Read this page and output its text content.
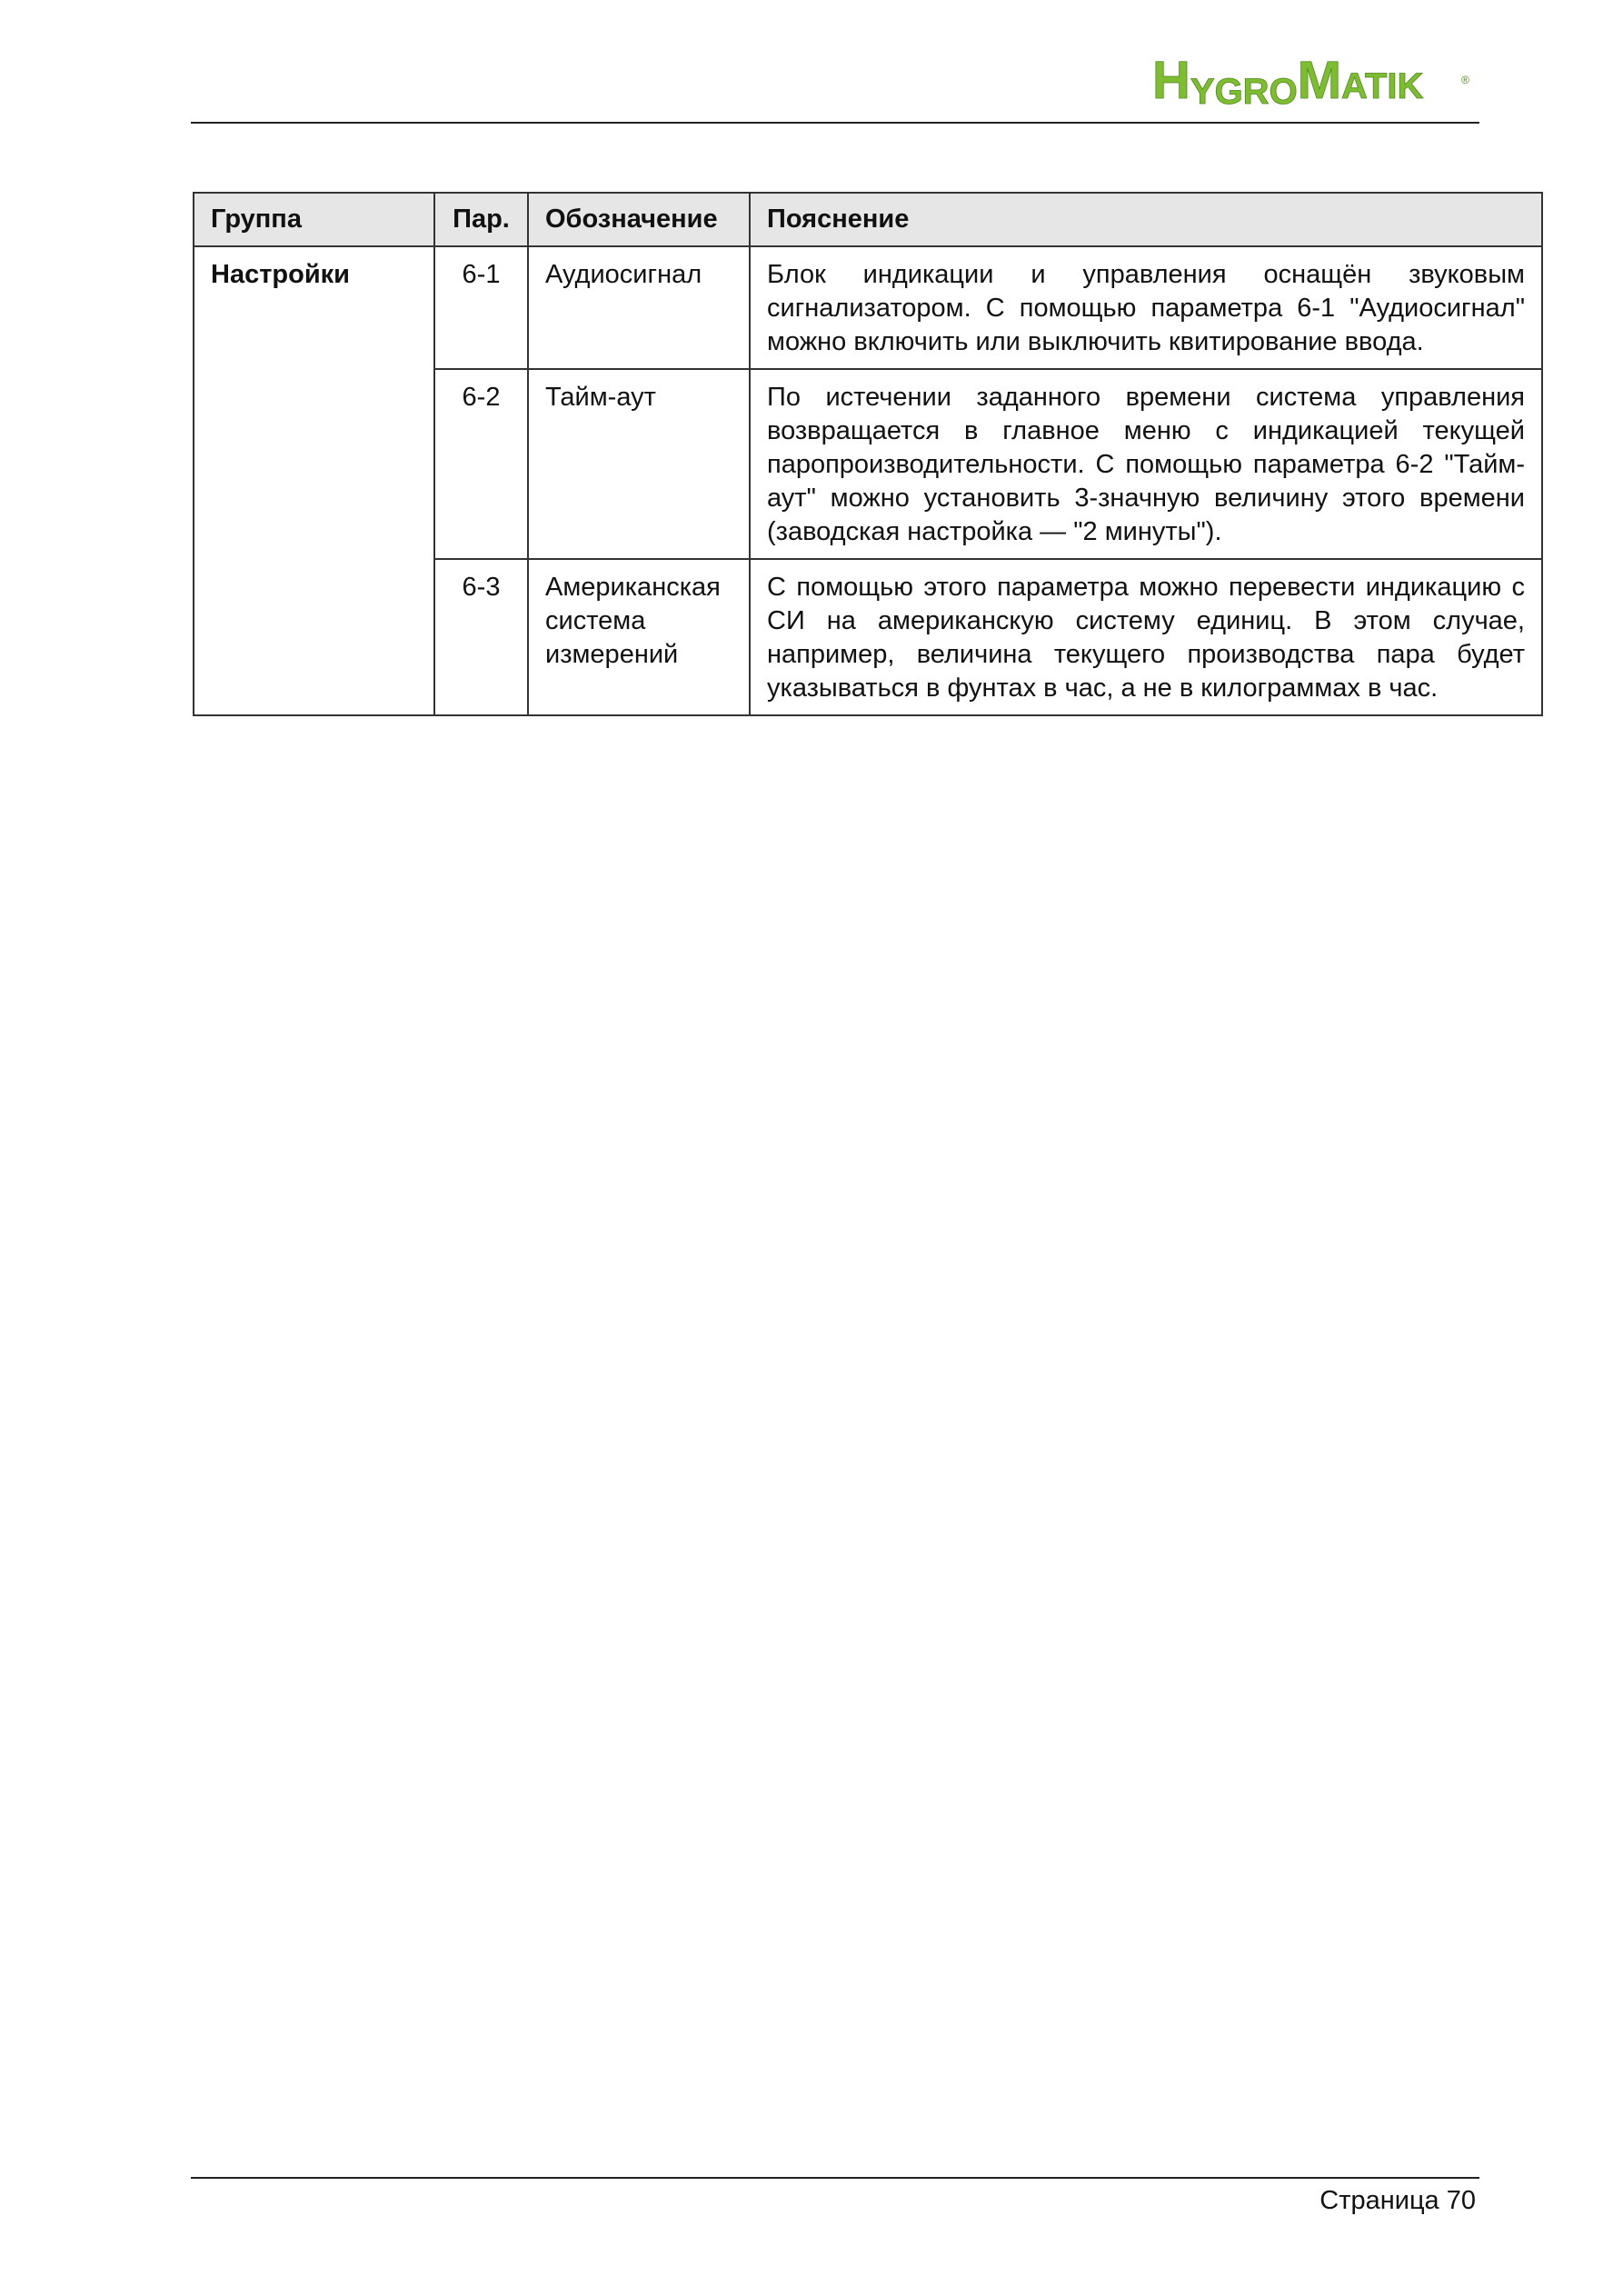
HYGROMATIK	®
Группа	Пар.	Обозначение	Пояснение
Настройки	6-1	Аудиосигнал	Блок индикации и управления оснащён звуковым сигнализатором. С помощью параметра 6-1 "Аудиосигнал" можно включить или выключить квитирование ввода.
	6-2	Тайм-аут	По истечении заданного времени система управления возвращается в главное меню с индикацией текущей паропроизводительности. С помощью параметра 6-2 "Тайм-аут" можно установить 3-значную величину этого времени (заводская настройка — "2 минуты").
	6-3	Американская система измерений	С помощью этого параметра можно перевести индикацию с СИ на американскую систему единиц. В этом случае, например, величина текущего производства пара будет указываться в фунтах в час, а не в килограммах в час.
Страница 70
